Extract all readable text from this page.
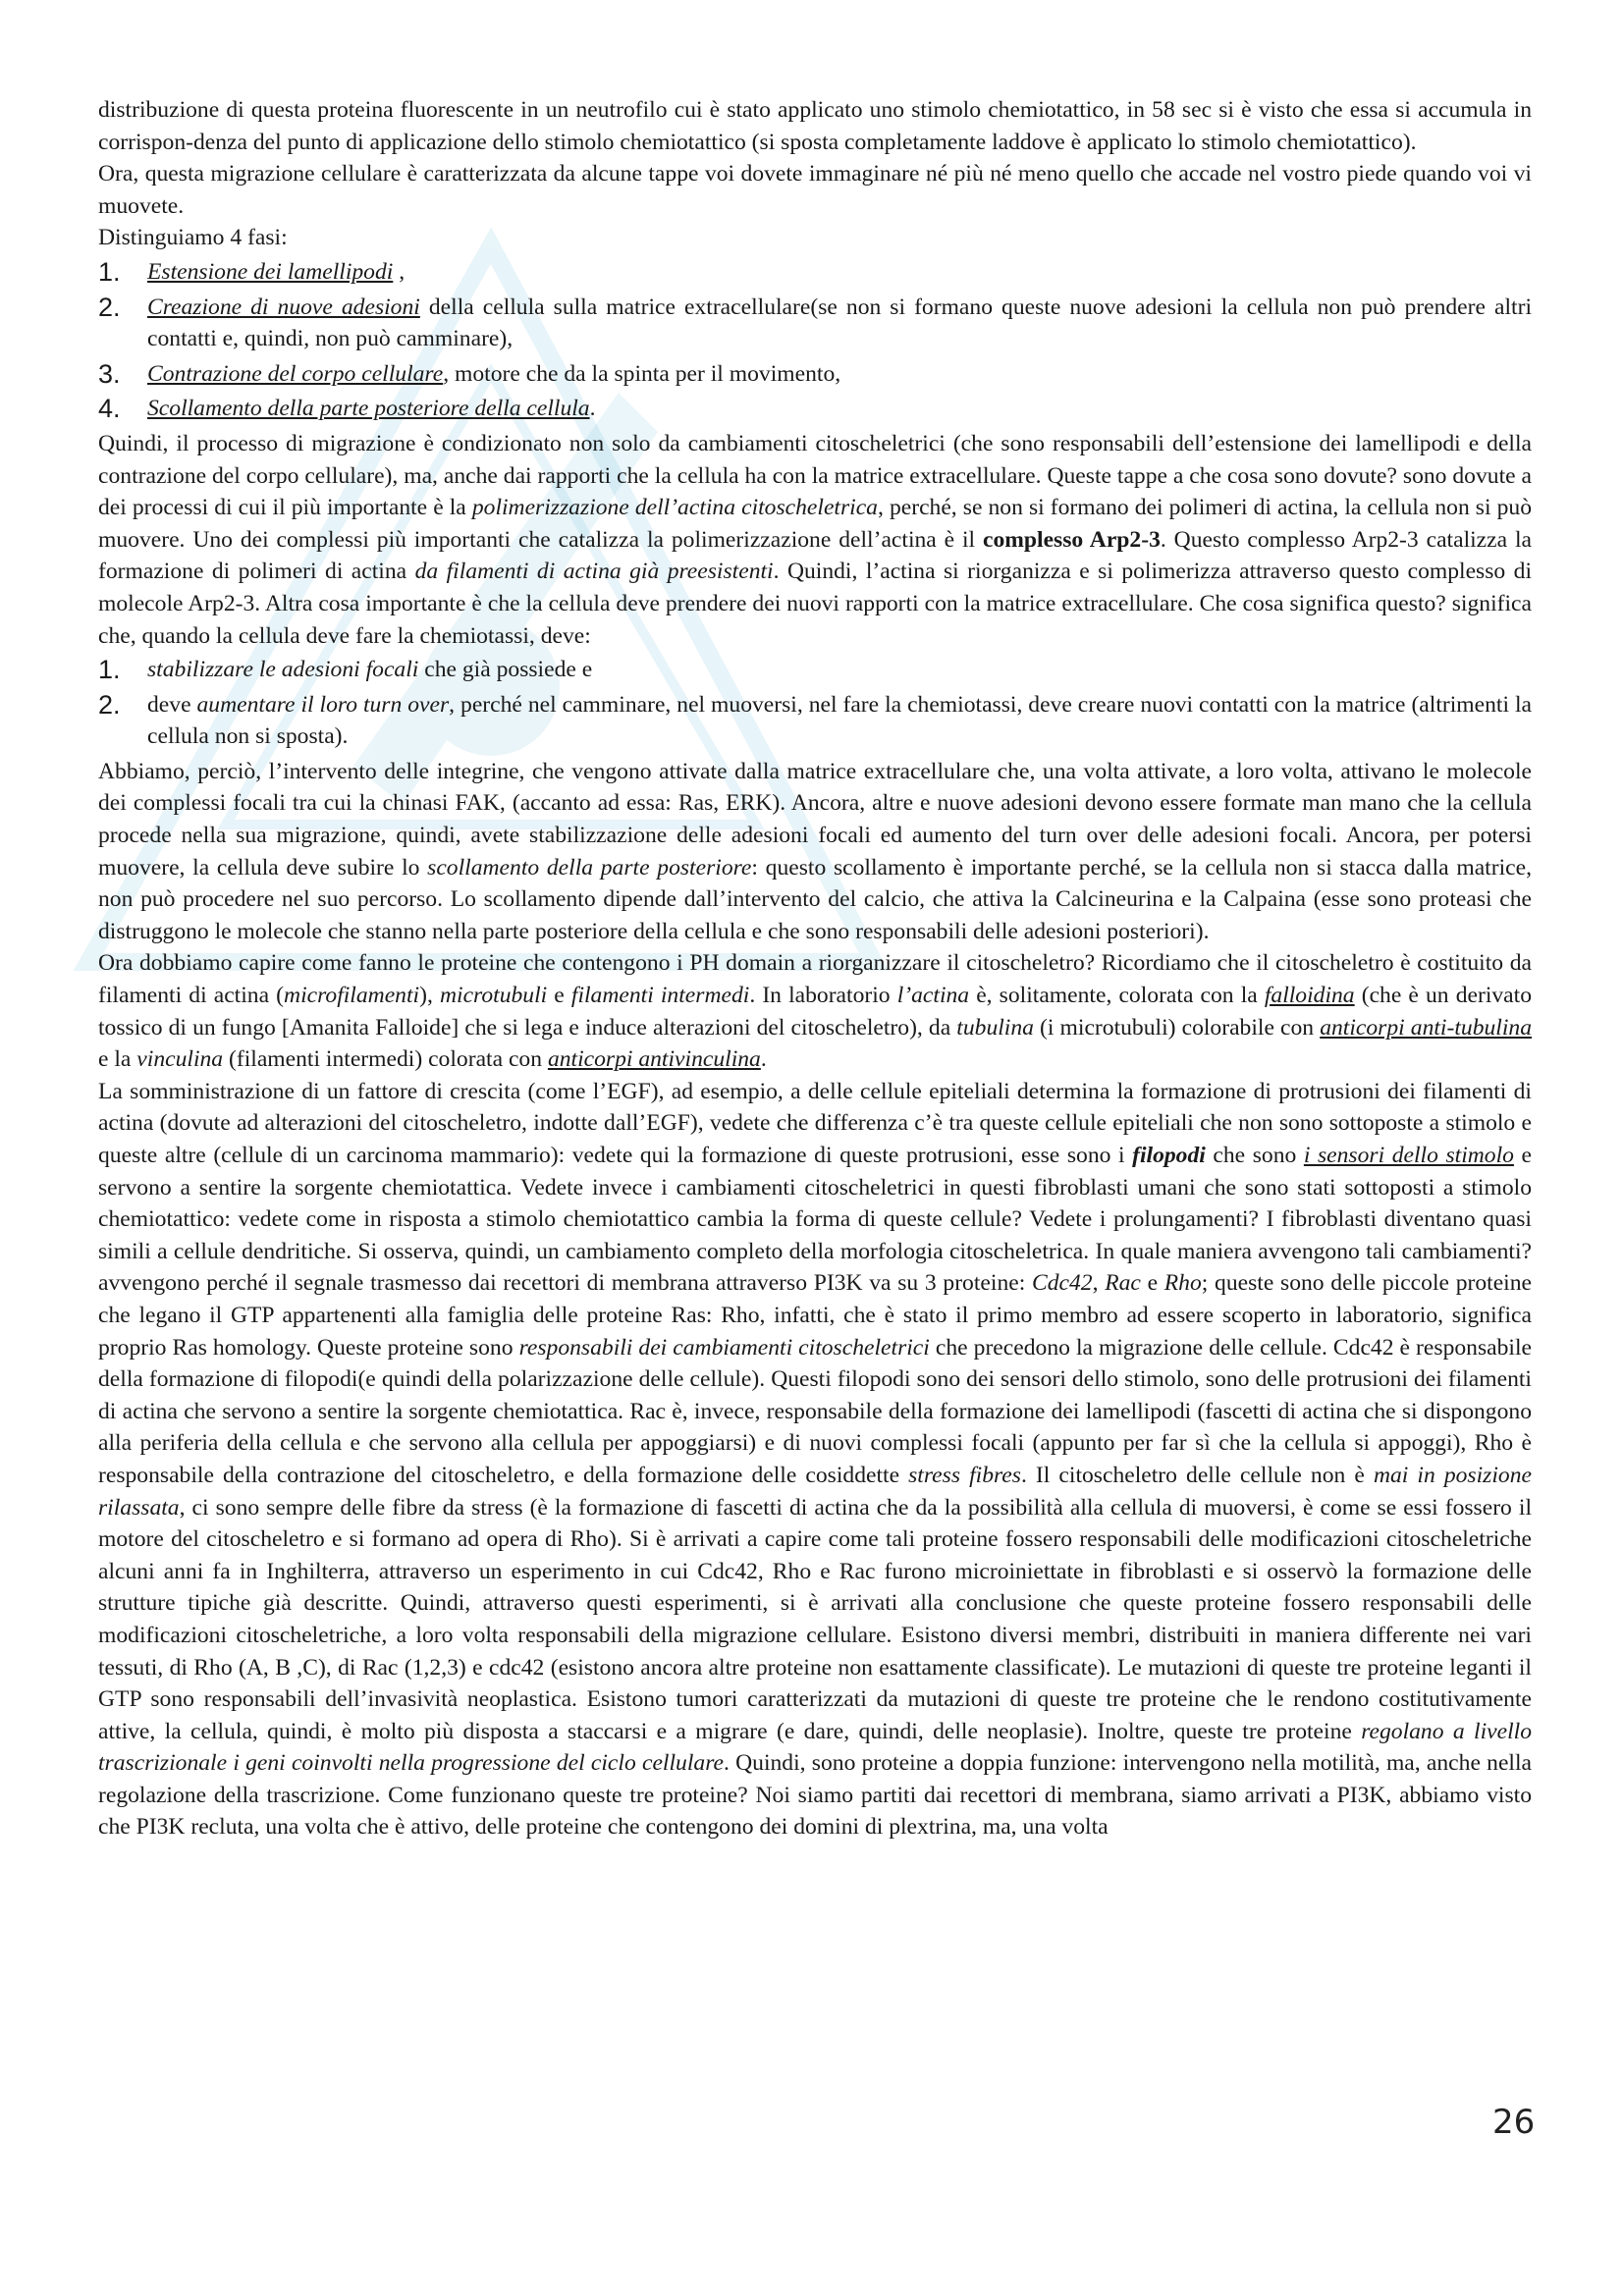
distribuzione di questa proteina fluorescente in un neutrofilo cui è stato applicato uno stimolo chemiotattico, in 58 sec si è visto che essa si accumula in corrispon-denza del punto di applicazione dello stimolo chemiotattico (si sposta completamente laddove è applicato lo stimolo chemiotattico).

Ora, questa migrazione cellulare è caratterizzata da alcune tappe voi dovete immaginare né più né meno quello che accade nel vostro piede quando voi vi muovete.

Distinguiamo 4 fasi:

1. Estensione dei lamellipodi ,
2. Creazione di nuove adesioni della cellula sulla matrice extracellulare(se non si formano queste nuove adesioni la cellula non può prendere altri contatti e, quindi, non può camminare),
3. Contrazione del corpo cellulare, motore che da la spinta per il movimento,
4. Scollamento della parte posteriore della cellula.

Quindi, il processo di migrazione è condizionato non solo da cambiamenti citoscheletrici (che sono responsabili dell’estensione dei lamellipodi e della contrazione del corpo cellulare), ma, anche dai rapporti che la cellula ha con la matrice extracellulare. Queste tappe a che cosa sono dovute? sono dovute a dei processi di cui il più importante è la polimerizzazione dell’actina citoscheletrica, perché, se non si formano dei polimeri di actina, la cellula non si può muovere. Uno dei complessi più importanti che catalizza la polimerizzazione dell’actina è il complesso Arp2-3. Questo complesso Arp2-3 catalizza la formazione di polimeri di actina da filamenti di actina già preesistenti. Quindi, l’actina si riorganizza e si polimerizza attraverso questo complesso di molecole Arp2-3. Altra cosa importante è che la cellula deve prendere dei nuovi rapporti con la matrice extracellulare. Che cosa significa questo? significa che, quando la cellula deve fare la chemiotassi, deve:

1. stabilizzare le adesioni focali che già possiede e
2. deve aumentare il loro turn over, perché nel camminare, nel muoversi, nel fare la chemiotassi, deve creare nuovi contatti con la matrice (altrimenti la cellula non si sposta).

Abbiamo, perciò, l’intervento delle integrine, che vengono attivate dalla matrice extracellulare che, una volta attivate, a loro volta, attivano le molecole dei complessi focali tra cui la chinasi FAK, (accanto ad essa: Ras, ERK). Ancora, altre e nuove adesioni devono essere formate man mano che la cellula procede nella sua migrazione, quindi, avete stabilizzazione delle adesioni focali ed aumento del turn over delle adesioni focali. Ancora, per potersi muovere, la cellula deve subire lo scollamento della parte posteriore: questo scollamento è importante perché, se la cellula non si stacca dalla matrice, non può procedere nel suo percorso. Lo scollamento dipende dall’intervento del calcio, che attiva la Calcineurina e la Calpaina (esse sono proteasi che distruggono le molecole che stanno nella parte posteriore della cellula e che sono responsabili delle adesioni posteriori).

Ora dobbiamo capire come fanno le proteine che contengono i PH domain a riorganizzare il citoscheletro? Ricordiamo che il citoscheletro è costituito da filamenti di actina (microfilamenti), microtubuli e filamenti intermedi. In laboratorio l’actina è, solitamente, colorata con la falloidina (che è un derivato tossico di un fungo [Amanita Falloide] che si lega e induce alterazioni del citoscheletro), da tubulina (i microtubuli) colorabile con anticorpi anti-tubulina e la vinculina (filamenti intermedi) colorata con anticorpi antivinculina.

La somministrazione di un fattore di crescita (come l’EGF), ad esempio, a delle cellule epiteliali determina la formazione di protrusioni dei filamenti di actina (dovute ad alterazioni del citoscheletro, indotte dall’EGF), vedete che differenza c’è tra queste cellule epiteliali che non sono sottoposte a stimolo e queste altre (cellule di un carcinoma mammario): vedete qui la formazione di queste protrusioni, esse sono i filopodi che sono i sensori dello stimolo e servono a sentire la sorgente chemiotattica. Vedete invece i cambiamenti citoscheletrici in questi fibroblasti umani che sono stati sottoposti a stimolo chemiotattico: vedete come in risposta a stimolo chemiotattico cambia la forma di queste cellule? Vedete i prolungamenti? I fibroblasti diventano quasi simili a cellule dendritiche. Si osserva, quindi, un cambiamento completo della morfologia citoscheletrica. In quale maniera avvengono tali cambiamenti? avvengono perché il segnale trasmesso dai recettori di membrana attraverso PI3K va su 3 proteine: Cdc42, Rac e Rho; queste sono delle piccole proteine che legano il GTP appartenenti alla famiglia delle proteine Ras: Rho, infatti, che è stato il primo membro ad essere scoperto in laboratorio, significa proprio Ras homology. Queste proteine sono responsabili dei cambiamenti citoscheletrici che precedono la migrazione delle cellule. Cdc42 è responsabile della formazione di filopodi(e quindi della polarizzazione delle cellule). Questi filopodi sono dei sensori dello stimolo, sono delle protrusioni dei filamenti di actina che servono a sentire la sorgente chemiotattica. Rac è, invece, responsabile della formazione dei lamellipodi (fascetti di actina che si dispongono alla periferia della cellula e che servono alla cellula per appoggiarsi) e di nuovi complessi focali (appunto per far sì che la cellula si appoggi), Rho è responsabile della contrazione del citoscheletro, e della formazione delle cosiddette stress fibres. Il citoscheletro delle cellule non è mai in posizione rilassata, ci sono sempre delle fibre da stress (è la formazione di fascetti di actina che da la possibilità alla cellula di muoversi, è come se essi fossero il motore del citoscheletro e si formano ad opera di Rho). Si è arrivati a capire come tali proteine fossero responsabili delle modificazioni citoscheletriche alcuni anni fa in Inghilterra, attraverso un esperimento in cui Cdc42, Rho e Rac furono microiniettate in fibroblasti e si osservò la formazione delle strutture tipiche già descritte. Quindi, attraverso questi esperimenti, si è arrivati alla conclusione che queste proteine fossero responsabili delle modificazioni citoscheletriche, a loro volta responsabili della migrazione cellulare. Esistono diversi membri, distribuiti in maniera differente nei vari tessuti, di Rho (A, B ,C), di Rac (1,2,3) e cdc42 (esistono ancora altre proteine non esattamente classificate). Le mutazioni di queste tre proteine leganti il GTP sono responsabili dell’invasività neoplastica. Esistono tumori caratterizzati da mutazioni di queste tre proteine che le rendono costitutivamente attive, la cellula, quindi, è molto più disposta a staccarsi e a migrare (e dare, quindi, delle neoplasie). Inoltre, queste tre proteine regolano a livello trascrizionale i geni coinvolti nella progressione del ciclo cellulare. Quindi, sono proteine a doppia funzione: intervengono nella motilità, ma, anche nella regolazione della trascrizione. Come funzionano queste tre proteine? Noi siamo partiti dai recettori di membrana, siamo arrivati a PI3K, abbiamo visto che PI3K recluta, una volta che è attivo, delle proteine che contengono dei domini di plextrina, ma, una volta

26
